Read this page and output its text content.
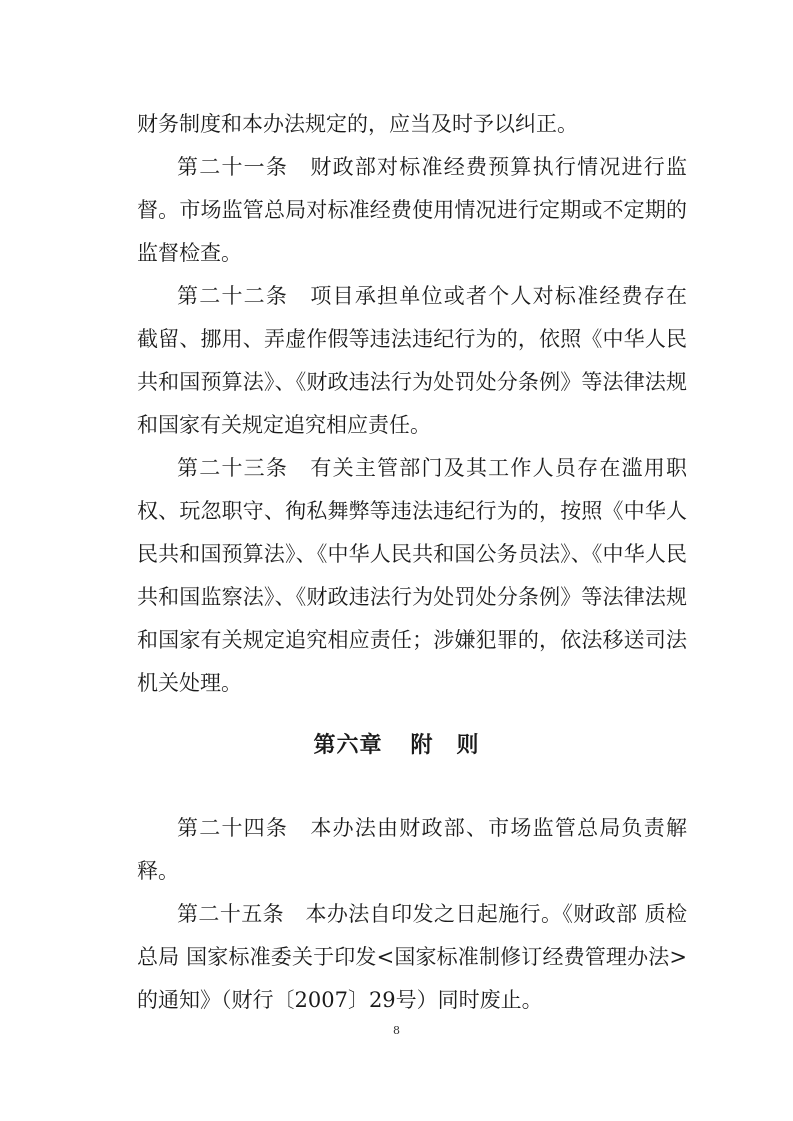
财务制度和本办法规定的，应当及时予以纠正。
第二十一条　财政部对标准经费预算执行情况进行监
督。市场监管总局对标准经费使用情况进行定期或不定期的
监督检查。
第二十二条　项目承担单位或者个人对标准经费存在
截留、挪用、弄虚作假等违法违纪行为的，依照《中华人民
共和国预算法》、《财政违法行为处罚处分条例》等法律法规
和国家有关规定追究相应责任。
第二十三条　有关主管部门及其工作人员存在滥用职
权、玩忽职守、徇私舞弊等违法违纪行为的，按照《中华人
民共和国预算法》、《中华人民共和国公务员法》、《中华人民
共和国监察法》、《财政违法行为处罚处分条例》等法律法规
和国家有关规定追究相应责任；涉嫌犯罪的，依法移送司法
机关处理。
第六章 附　则
第二十四条　本办法由财政部、市场监管总局负责解
释。
第二十五条　本办法自印发之日起施行。《财政部 质检
总局 国家标准委关于印发<国家标准制修订经费管理办法>
的通知》（财行〔2007〕29号）同时废止。
8
